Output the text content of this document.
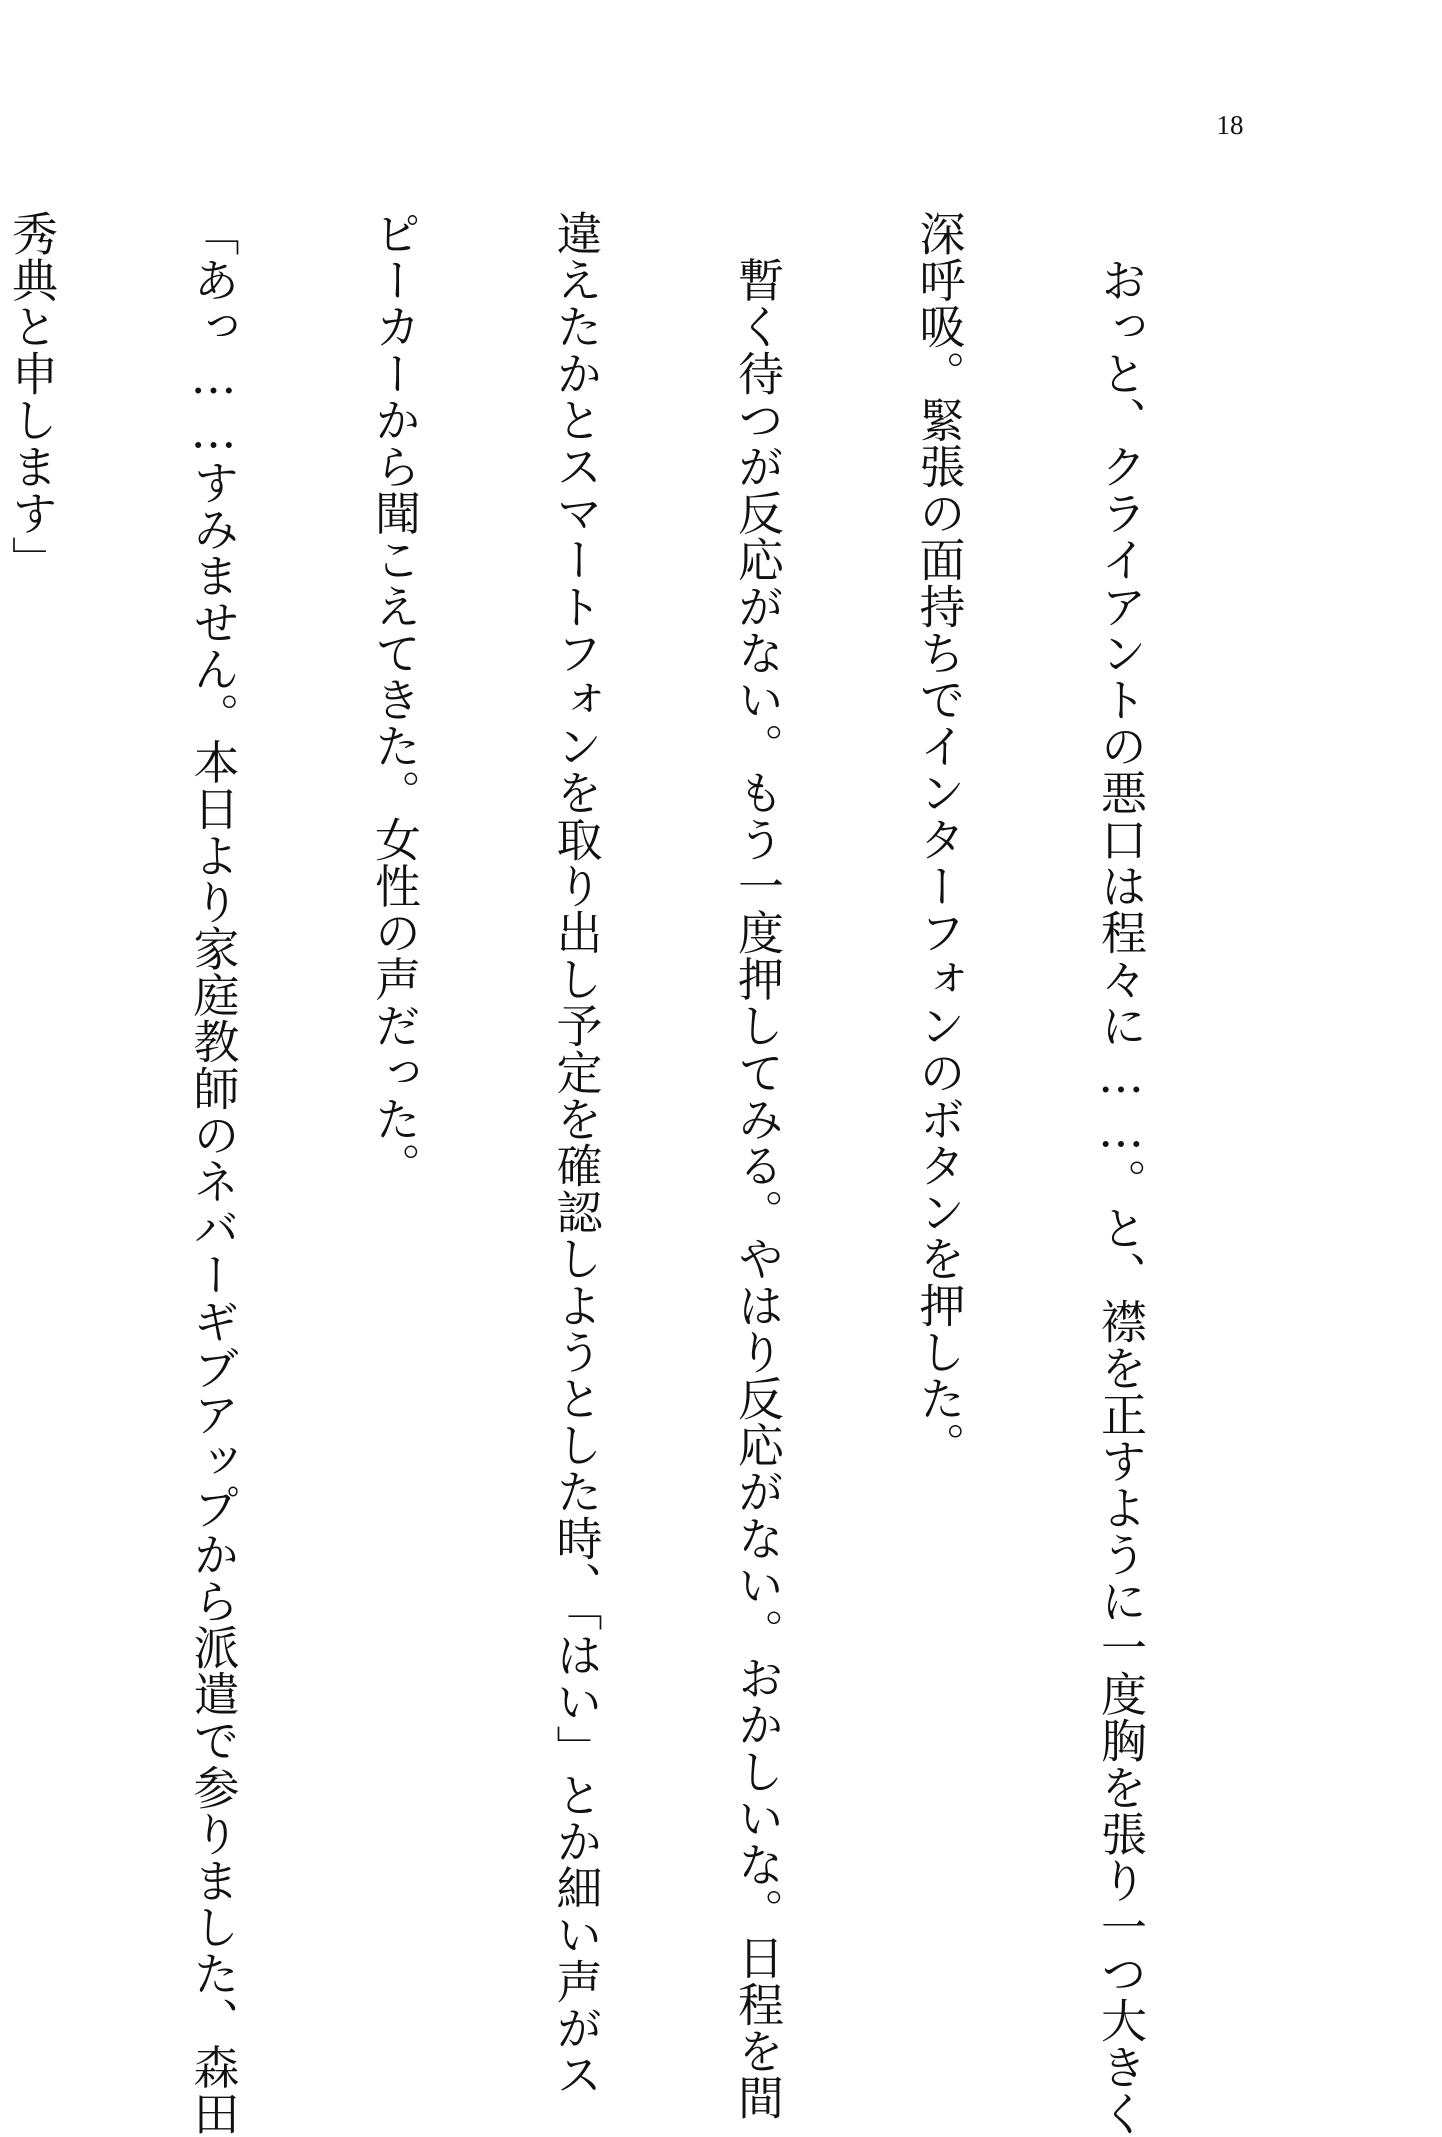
18

　おっと、クライアントの悪口は程々に……。と、襟を正すように一度胸を張り一つ大きく

深呼吸。緊張の面持ちでインターフォンのボタンを押した。

　暫く待つが反応がない。もう一度押してみる。やはり反応がない。おかしいな。日程を間

違えたかとスマートフォンを取り出し予定を確認しようとした時、「はい」とか細い声がス

ピーカーから聞こえてきた。女性の声だった。

「あっ……すみません。本日より家庭教師のネバーギブアップから派遣で参りました、森田

秀典と申します」
